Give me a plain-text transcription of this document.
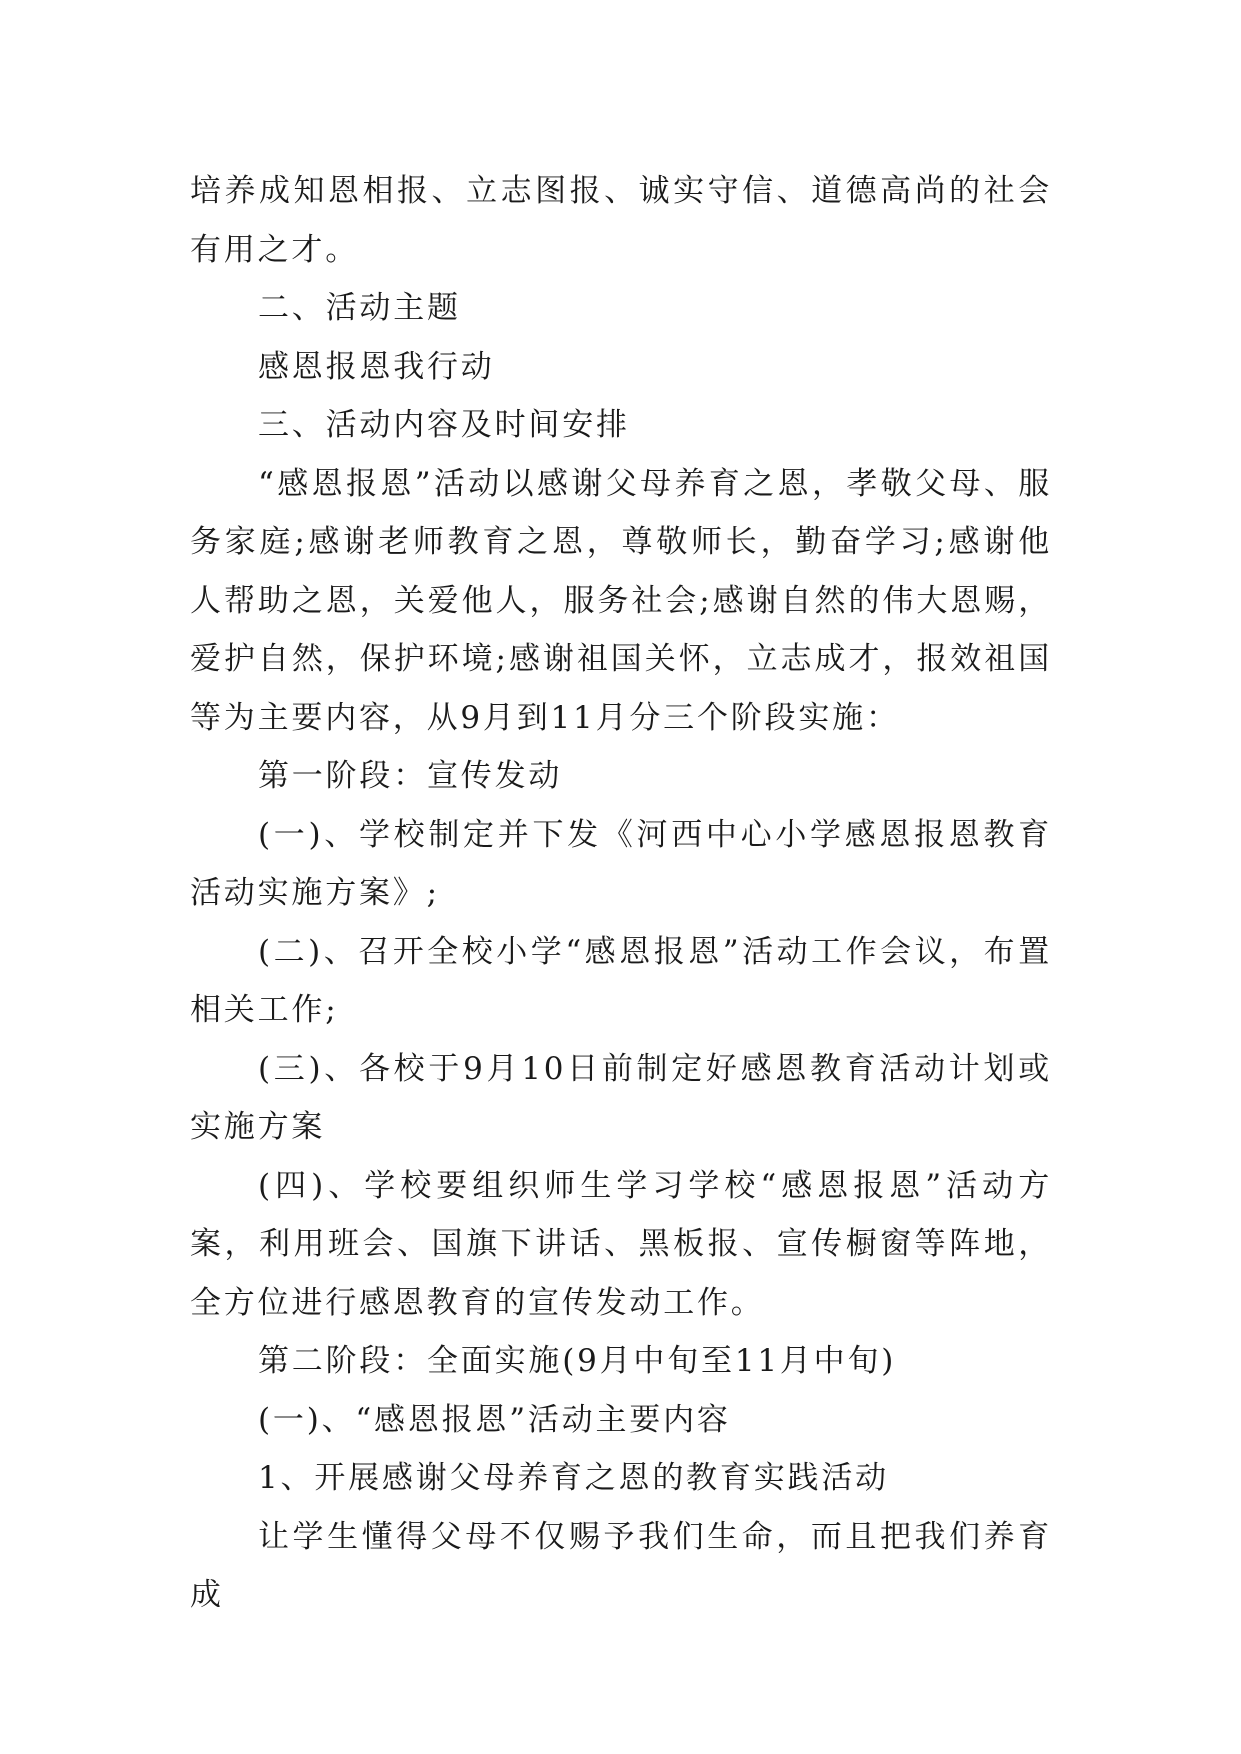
培养成知恩相报、立志图报、诚实守信、道德高尚的社会有用之才。

二、活动主题

感恩报恩我行动

三、活动内容及时间安排

“感恩报恩”活动以感谢父母养育之恩，孝敬父母、服务家庭;感谢老师教育之恩，尊敬师长，勤奋学习;感谢他人帮助之恩，关爱他人，服务社会;感谢自然的伟大恩赐，爱护自然，保护环境;感谢祖国关怀，立志成才，报效祖国等为主要内容，从9月到11月分三个阶段实施：

第一阶段：宣传发动

(一)、学校制定并下发《河西中心小学感恩报恩教育活动实施方案》;

(二)、召开全校小学“感恩报恩”活动工作会议，布置相关工作;

(三)、各校于9月10日前制定好感恩教育活动计划或实施方案

(四)、学校要组织师生学习学校“感恩报恩”活动方案，利用班会、国旗下讲话、黑板报、宣传橱窗等阵地，全方位进行感恩教育的宣传发动工作。

第二阶段：全面实施(9月中旬至11月中旬)

(一)、“感恩报恩”活动主要内容

1、开展感谢父母养育之恩的教育实践活动

让学生懂得父母不仅赐予我们生命，而且把我们养育成
